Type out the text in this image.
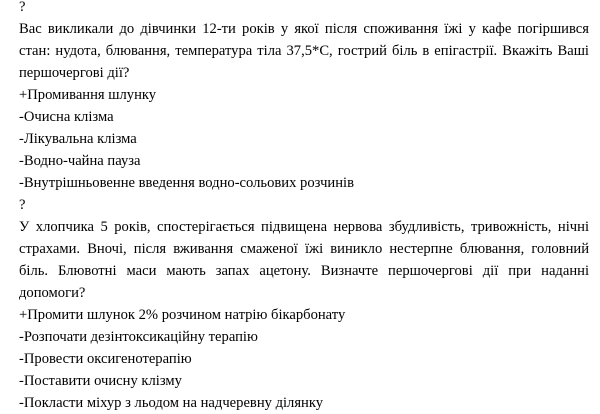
?
Вас викликали до дівчинки 12-ти років у якої після споживання їжі у кафе погіршився стан: нудота, блювання, температура тіла 37,5*С, гострий біль в епігастрії. Вкажіть Ваші першочергові дії?
+Промивання шлунку
-Очисна клізма
-Лікувальна клізма
-Водно-чайна пауза
-Внутрішньовенне введення водно-сольових розчинів
?
У хлопчика 5 років, спостерігається підвищена нервова збудливість, тривожність, нічні страхами. Вночі, після вживання смаженої їжі виникло нестерпне блювання, головний біль. Блювотні маси мають запах ацетону. Визначте першочергові дії при наданні допомоги?
+Промити шлунок 2% розчином натрію бікарбонату
-Розпочати дезінтоксикаційну терапію
-Провести оксигенотерапію
-Поставити очисну клізму
-Покласти міхур з льодом на надчеревну ділянку
